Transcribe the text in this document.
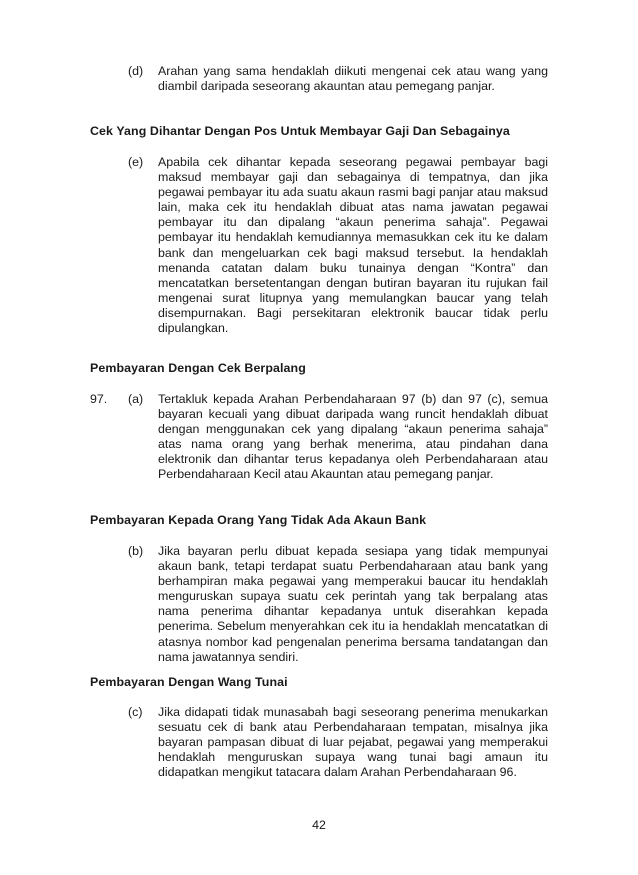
(d) Arahan yang sama hendaklah diikuti mengenai cek atau wang yang diambil daripada seseorang akauntan atau pemegang panjar.
Cek Yang Dihantar Dengan Pos Untuk Membayar Gaji Dan Sebagainya
(e) Apabila cek dihantar kepada seseorang pegawai pembayar bagi maksud membayar gaji dan sebagainya di tempatnya, dan jika pegawai pembayar itu ada suatu akaun rasmi bagi panjar atau maksud lain, maka cek itu hendaklah dibuat atas nama jawatan pegawai pembayar itu dan dipalang “akaun penerima sahaja”. Pegawai pembayar itu hendaklah kemudiannya memasukkan cek itu ke dalam bank dan mengeluarkan cek bagi maksud tersebut. Ia hendaklah menanda catatan dalam buku tunainya dengan “Kontra” dan mencatatkan bersetentangan dengan butiran bayaran itu rujukan fail mengenai surat litupnya yang memulangkan baucar yang telah disempurnakan. Bagi persekitaran elektronik baucar tidak perlu dipulangkan.
Pembayaran Dengan Cek Berpalang
97. (a) Tertakluk kepada Arahan Perbendaharaan 97 (b) dan 97 (c), semua bayaran kecuali yang dibuat daripada wang runcit hendaklah dibuat dengan menggunakan cek yang dipalang “akaun penerima sahaja” atas nama orang yang berhak menerima, atau pindahan dana elektronik dan dihantar terus kepadanya oleh Perbendaharaan atau Perbendaharaan Kecil atau Akauntan atau pemegang panjar.
Pembayaran Kepada Orang Yang Tidak Ada Akaun Bank
(b) Jika bayaran perlu dibuat kepada sesiapa yang tidak mempunyai akaun bank, tetapi terdapat suatu Perbendaharaan atau bank yang berhampiran maka pegawai yang memperakui baucar itu hendaklah menguruskan supaya suatu cek perintah yang tak berpalang atas nama penerima dihantar kepadanya untuk diserahkan kepada penerima. Sebelum menyerahkan cek itu ia hendaklah mencatatkan di atasnya nombor kad pengenalan penerima bersama tandatangan dan nama jawatannya sendiri.
Pembayaran Dengan Wang Tunai
(c) Jika didapati tidak munasabah bagi seseorang penerima menukarkan sesuatu cek di bank atau Perbendaharaan tempatan, misalnya jika bayaran pampasan dibuat di luar pejabat, pegawai yang memperakui hendaklah menguruskan supaya wang tunai bagi amaun itu didapatkan mengikut tatacara dalam Arahan Perbendaharaan 96.
42
